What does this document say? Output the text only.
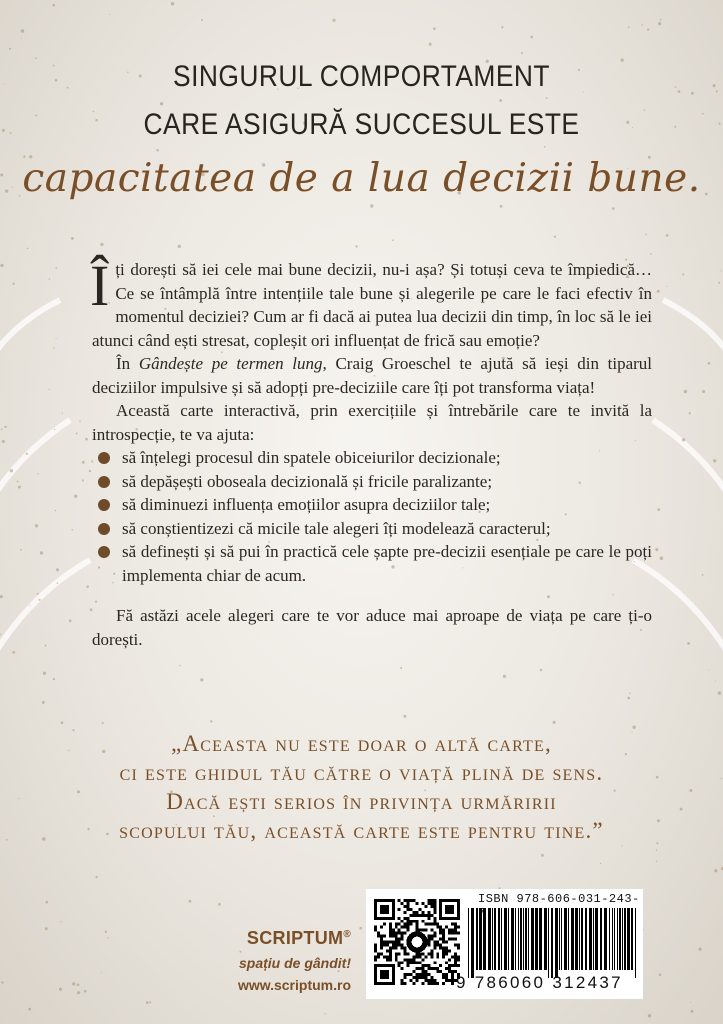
SINGURUL COMPORTAMENT
CARE ASIGURĂ SUCCESUL ESTE
capacitatea de a lua decizii bune.

Îți dorești să iei cele mai bune decizii, nu-i așa? Și totuși ceva te împiedică… Ce se întâmplă între intențiile tale bune și alegerile pe care le faci efectiv în momentul deciziei? Cum ar fi dacă ai putea lua decizii din timp, în loc să le iei atunci când ești stresat, copleșit ori influențat de frică sau emoție?

În Gândește pe termen lung, Craig Groeschel te ajută să ieși din tiparul deciziilor impulsive și să adopți pre-deciziile care îți pot transforma viața!

Această carte interactivă, prin exercițiile și întrebările care te invită la introspecție, te va ajuta:

să înțelegi procesul din spatele obiceiurilor decizionale;
să depășești oboseala decizională și fricile paralizante;
să diminuezi influența emoțiilor asupra deciziilor tale;
să conștientizezi că micile tale alegeri îți modelează caracterul;
să definești și să pui în practică cele șapte pre-decizii esențiale pe care le poți implementa chiar de acum.

Fă astăzi acele alegeri care te vor aduce mai aproape de viața pe care ți-o dorești.

„Aceasta nu este doar o altă carte,
ci este ghidul tău către o viață plină de sens.
Dacă ești serios în privința urmăririi
scopului tău, această carte este pentru tine.”
SCRIPTUM®
spațiu de gândit!
www.scriptum.ro
ISBN 978-606-031-243-
9 786060 312437
